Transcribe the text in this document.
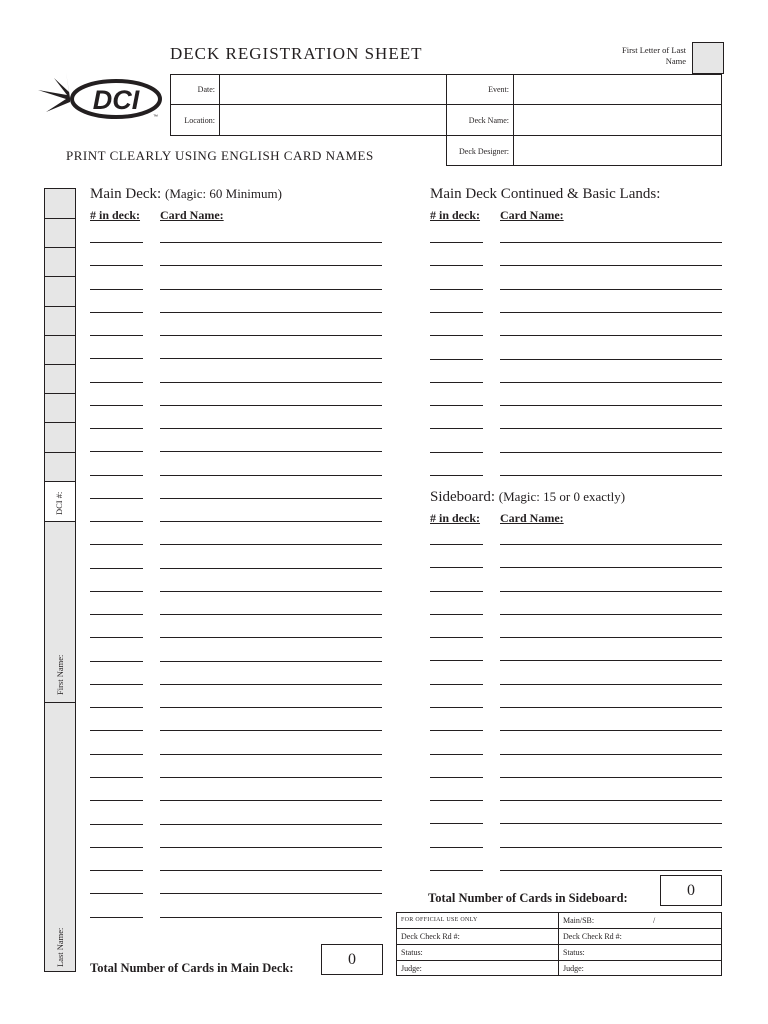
DECK REGISTRATION SHEET	First Letter of Last Name
DCI
™
Date:	Event:
Location:	Deck Name:
Deck Designer:
PRINT CLEARLY USING ENGLISH CARD NAMES
DCI #:
First Name:
Last Name:
Main Deck: (Magic: 60 Minimum)
# in deck: Card Name:
Main Deck Continued & Basic Lands:
# in deck: Card Name:
Sideboard: (Magic: 15 or 0 exactly)
# in deck: Card Name:
Total Number of Cards in Sideboard:	0
Total Number of Cards in Main Deck:	0
FOR OFFICIAL USE ONLY	Main/SB:	/
Deck Check Rd #:	Deck Check Rd #:
Status:	Status:
Judge:	Judge:
